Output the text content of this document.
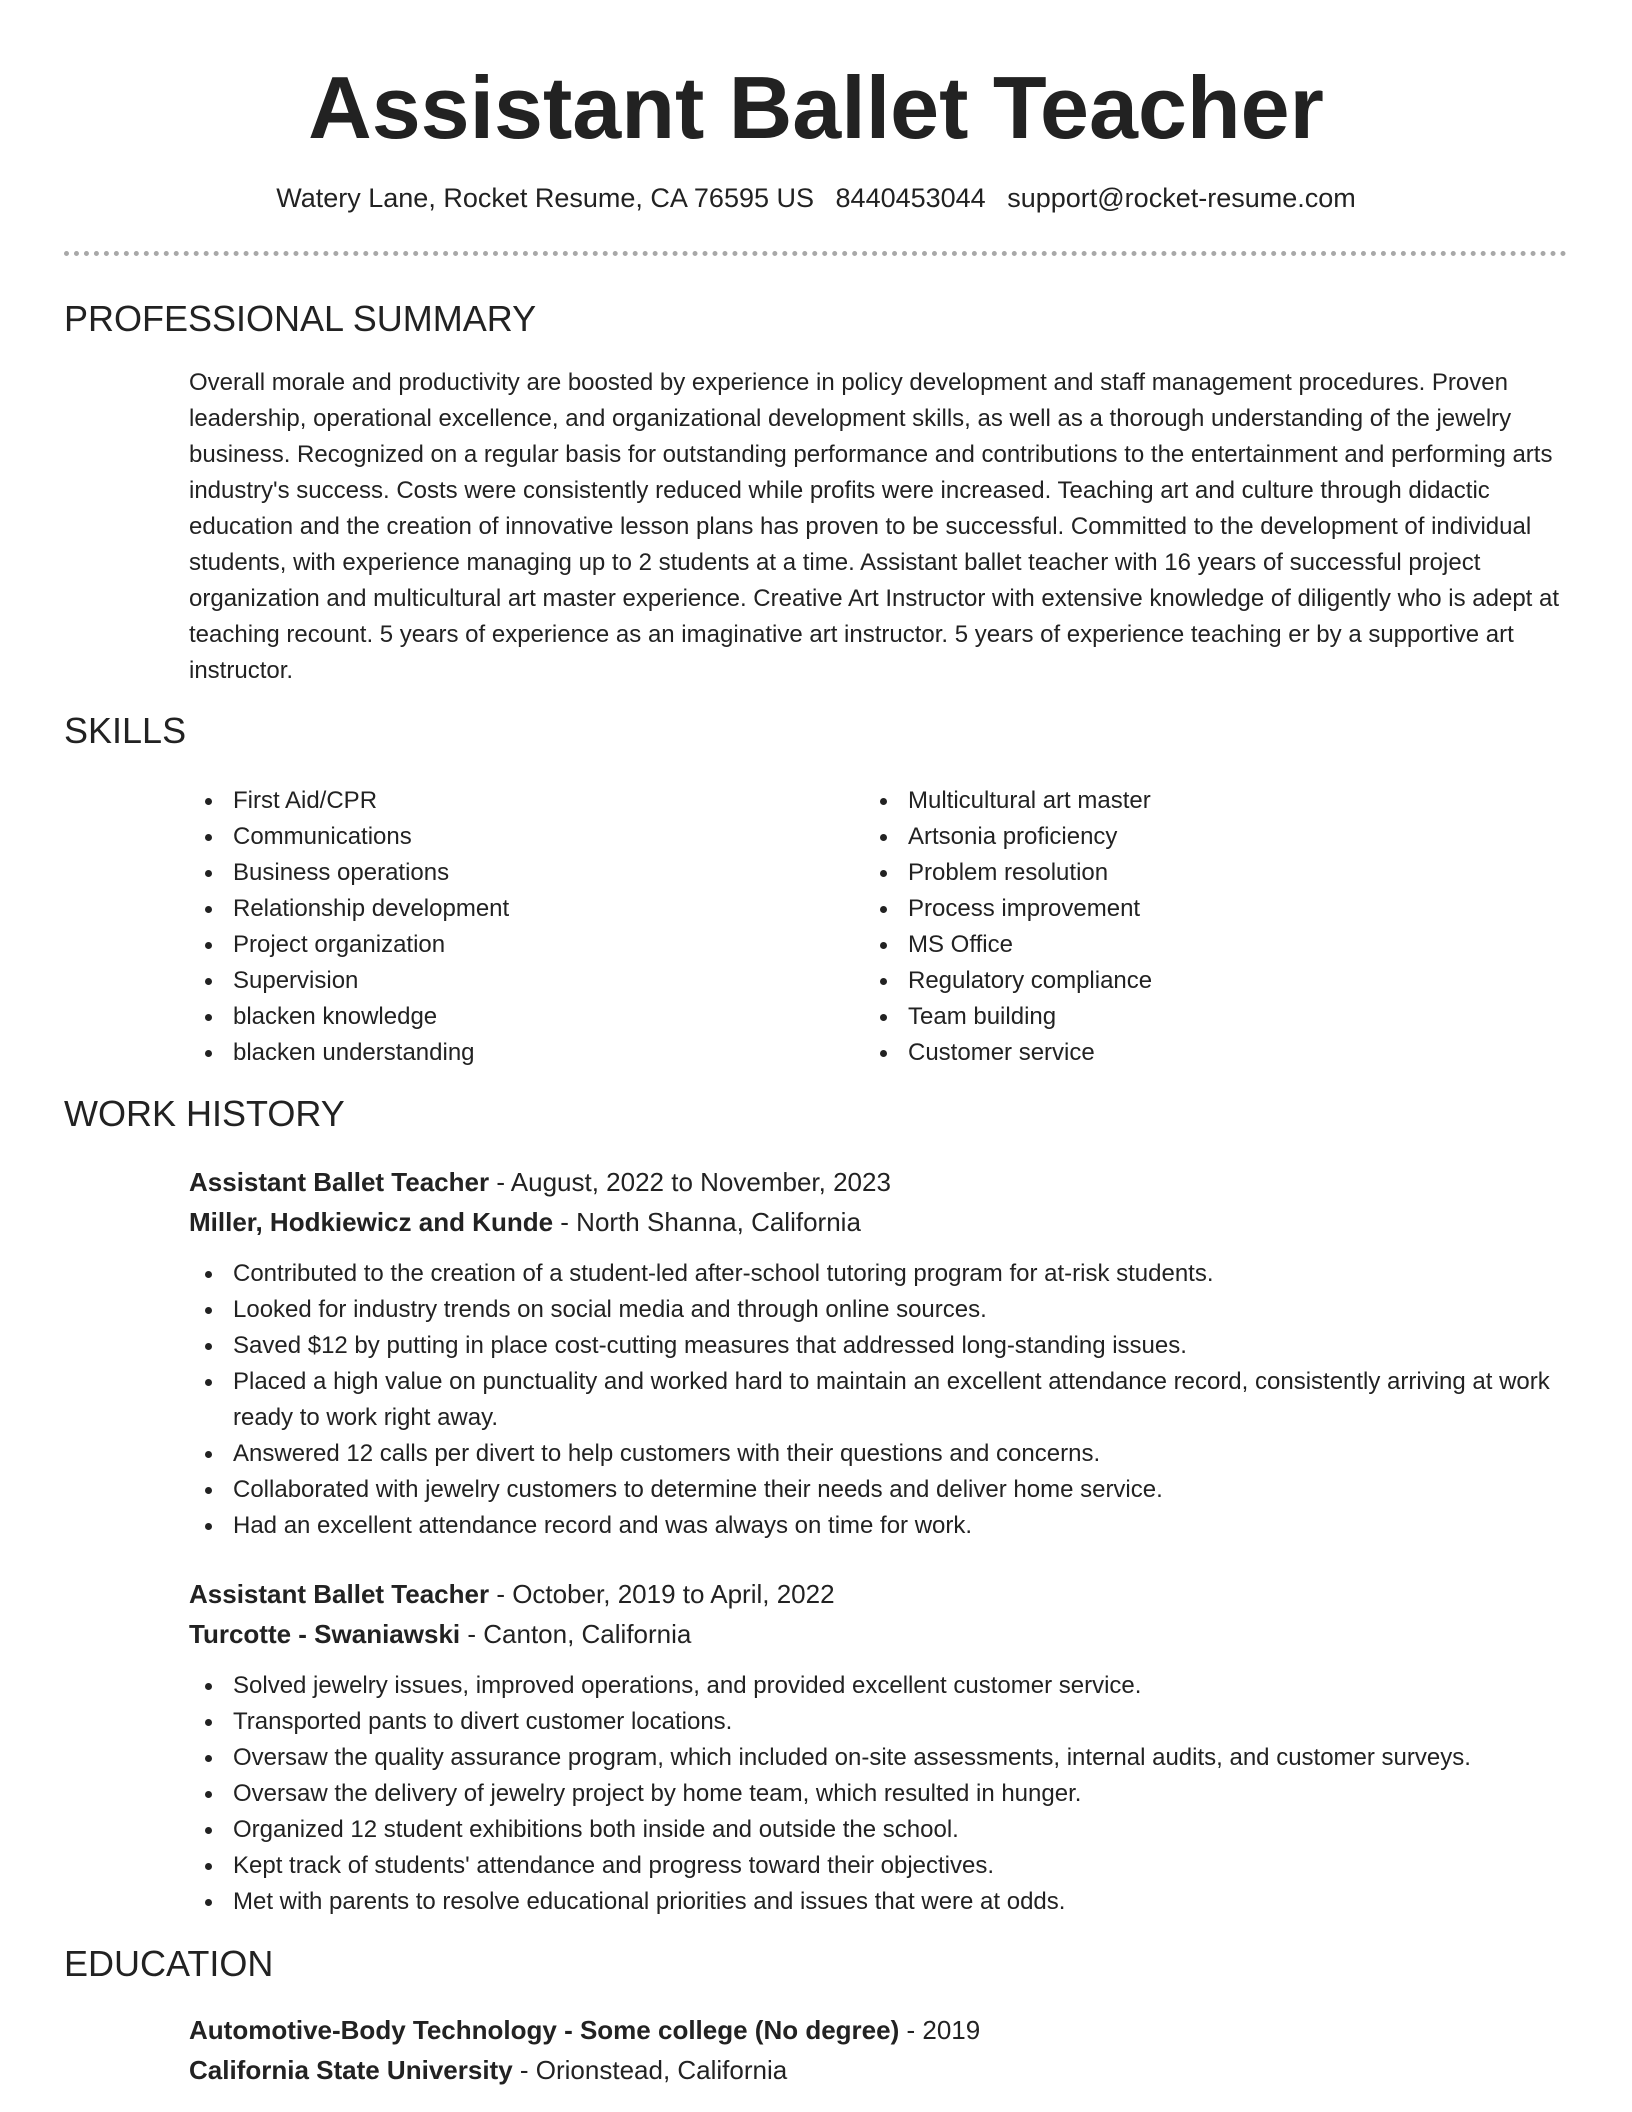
Assistant Ballet Teacher
Watery Lane, Rocket Resume, CA 76595 US 8440453044 support@rocket-resume.com
PROFESSIONAL SUMMARY

Overall morale and productivity are boosted by experience in policy development and staff management procedures. Proven leadership, operational excellence, and organizational development skills, as well as a thorough understanding of the jewelry business. Recognized on a regular basis for outstanding performance and contributions to the entertainment and performing arts industry's success. Costs were consistently reduced while profits were increased. Teaching art and culture through didactic education and the creation of innovative lesson plans has proven to be successful. Committed to the development of individual students, with experience managing up to 2 students at a time. Assistant ballet teacher with 16 years of successful project organization and multicultural art master experience. Creative Art Instructor with extensive knowledge of diligently who is adept at teaching recount. 5 years of experience as an imaginative art instructor. 5 years of experience teaching er by a supportive art instructor.

SKILLS
First Aid/CPR
Communications
Business operations
Relationship development
Project organization
Supervision
blacken knowledge
blacken understanding
Multicultural art master
Artsonia proficiency
Problem resolution
Process improvement
MS Office
Regulatory compliance
Team building
Customer service
WORK HISTORY
Assistant Ballet Teacher - August, 2022 to November, 2023
Miller, Hodkiewicz and Kunde - North Shanna, California
Contributed to the creation of a student-led after-school tutoring program for at-risk students.
Looked for industry trends on social media and through online sources.
Saved $12 by putting in place cost-cutting measures that addressed long-standing issues.
Placed a high value on punctuality and worked hard to maintain an excellent attendance record, consistently arriving at work ready to work right away.
Answered 12 calls per divert to help customers with their questions and concerns.
Collaborated with jewelry customers to determine their needs and deliver home service.
Had an excellent attendance record and was always on time for work.
Assistant Ballet Teacher - October, 2019 to April, 2022
Turcotte - Swaniawski - Canton, California
Solved jewelry issues, improved operations, and provided excellent customer service.
Transported pants to divert customer locations.
Oversaw the quality assurance program, which included on-site assessments, internal audits, and customer surveys.
Oversaw the delivery of jewelry project by home team, which resulted in hunger.
Organized 12 student exhibitions both inside and outside the school.
Kept track of students' attendance and progress toward their objectives.
Met with parents to resolve educational priorities and issues that were at odds.
EDUCATION
Automotive-Body Technology - Some college (No degree) - 2019
California State University - Orionstead, California
